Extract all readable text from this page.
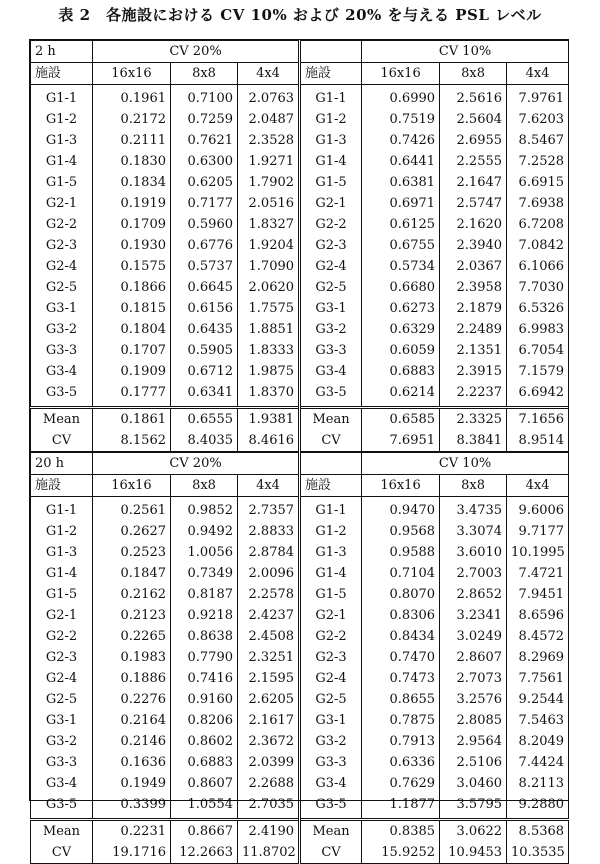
表 2　各施設における CV 10% および 20% を与える PSL レベル
2 h	CV 20%				CV 10%		
施設	16x16	8x8	4x4	施設	16x16	8x8	4x4
G1-1	0.1961	0.7100	2.0763	G1-1	0.6990	2.5616	7.9761
G1-2	0.2172	0.7259	2.0487	G1-2	0.7519	2.5604	7.6203
G1-3	0.2111	0.7621	2.3528	G1-3	0.7426	2.6955	8.5467
G1-4	0.1830	0.6300	1.9271	G1-4	0.6441	2.2555	7.2528
G1-5	0.1834	0.6205	1.7902	G1-5	0.6381	2.1647	6.6915
G2-1	0.1919	0.7177	2.0516	G2-1	0.6971	2.5747	7.6938
G2-2	0.1709	0.5960	1.8327	G2-2	0.6125	2.1620	6.7208
G2-3	0.1930	0.6776	1.9204	G2-3	0.6755	2.3940	7.0842
G2-4	0.1575	0.5737	1.7090	G2-4	0.5734	2.0367	6.1066
G2-5	0.1866	0.6645	2.0620	G2-5	0.6680	2.3958	7.7030
G3-1	0.1815	0.6156	1.7575	G3-1	0.6273	2.1879	6.5326
G3-2	0.1804	0.6435	1.8851	G3-2	0.6329	2.2489	6.9983
G3-3	0.1707	0.5905	1.8333	G3-3	0.6059	2.1351	6.7054
G3-4	0.1909	0.6712	1.9875	G3-4	0.6883	2.3915	7.1579
G3-5	0.1777	0.6341	1.8370	G3-5	0.6214	2.2237	6.6942
Mean	0.1861	0.6555	1.9381	Mean	0.6585	2.3325	7.1656
CV	8.1562	8.4035	8.4616	CV	7.6951	8.3841	8.9514
20 h	CV 20%				CV 10%		
施設	16x16	8x8	4x4	施設	16x16	8x8	4x4
G1-1	0.2561	0.9852	2.7357	G1-1	0.9470	3.4735	9.6006
G1-2	0.2627	0.9492	2.8833	G1-2	0.9568	3.3074	9.7177
G1-3	0.2523	1.0056	2.8784	G1-3	0.9588	3.6010	10.1995
G1-4	0.1847	0.7349	2.0096	G1-4	0.7104	2.7003	7.4721
G1-5	0.2162	0.8187	2.2578	G1-5	0.8070	2.8652	7.9451
G2-1	0.2123	0.9218	2.4237	G2-1	0.8306	3.2341	8.6596
G2-2	0.2265	0.8638	2.4508	G2-2	0.8434	3.0249	8.4572
G2-3	0.1983	0.7790	2.3251	G2-3	0.7470	2.8607	8.2969
G2-4	0.1886	0.7416	2.1595	G2-4	0.7473	2.7073	7.7561
G2-5	0.2276	0.9160	2.6205	G2-5	0.8655	3.2576	9.2544
G3-1	0.2164	0.8206	2.1617	G3-1	0.7875	2.8085	7.5463
G3-2	0.2146	0.8602	2.3672	G3-2	0.7913	2.9564	8.2049
G3-3	0.1636	0.6883	2.0399	G3-3	0.6336	2.5106	7.4424
G3-4	0.1949	0.8607	2.2688	G3-4	0.7629	3.0460	8.2113
G3-5	0.3399	1.0554	2.7035	G3-5	1.1877	3.5795	9.2880
Mean	0.2231	0.8667	2.4190	Mean	0.8385	3.0622	8.5368
CV	19.1716	12.2663	11.8702	CV	15.9252	10.9453	10.3535
